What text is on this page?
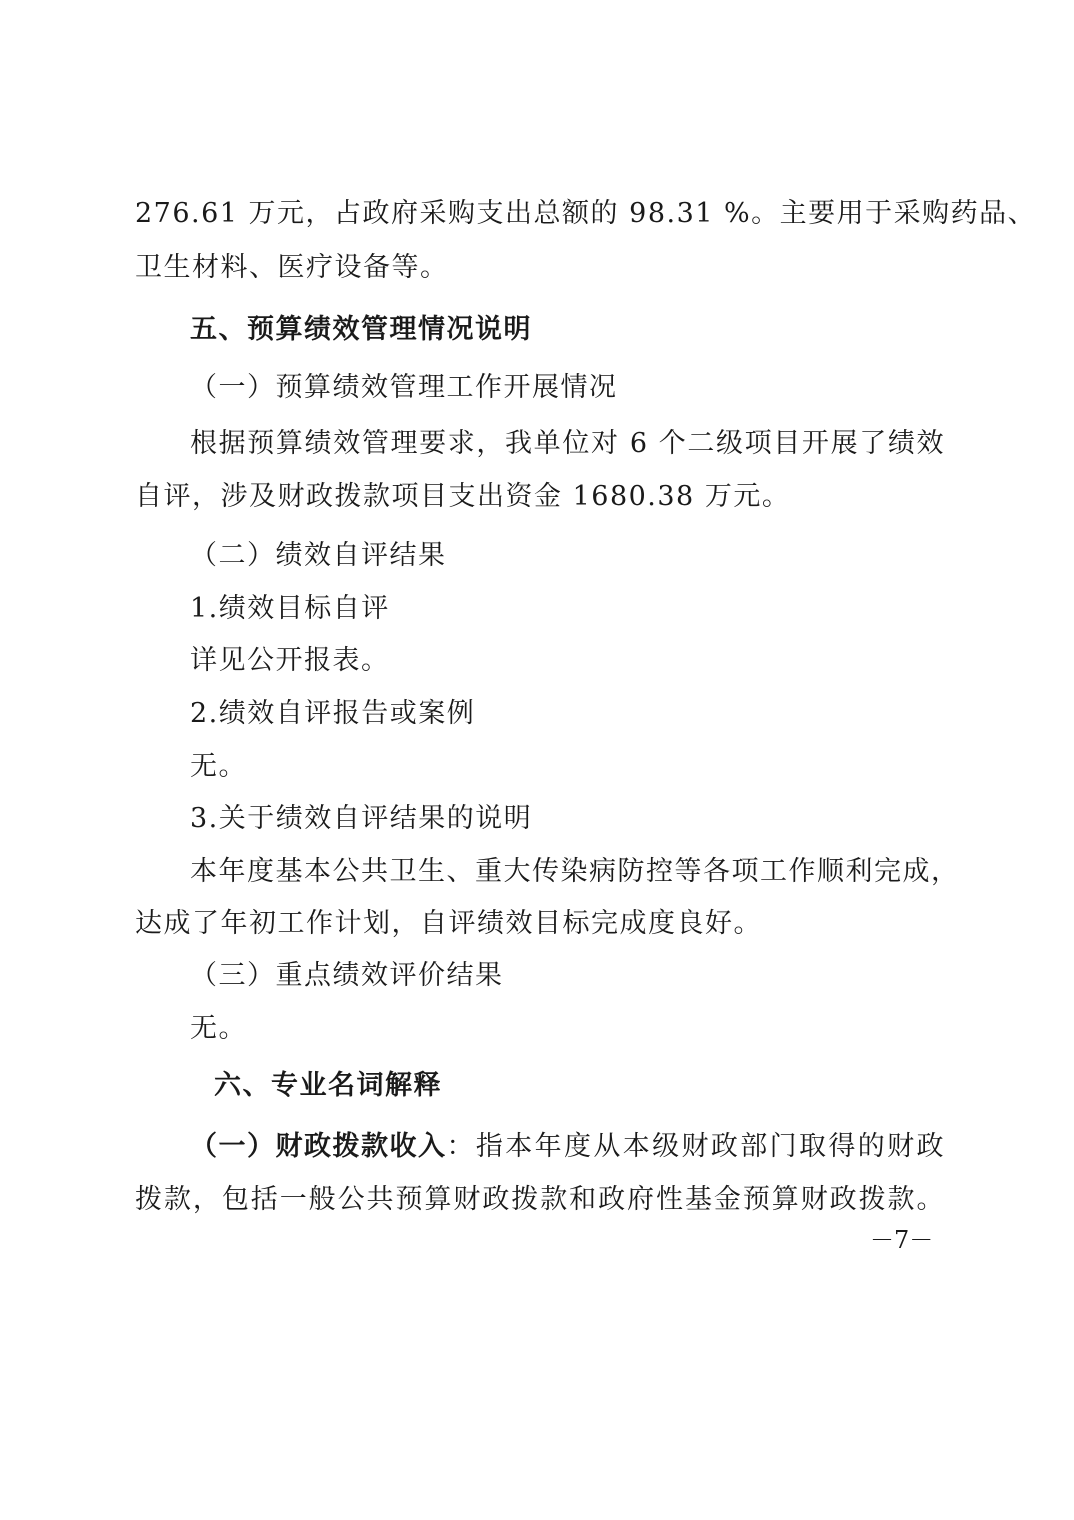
276.61 万元，占政府采购支出总额的 98.31 %。主要用于采购药品、
卫生材料、医疗设备等。
五、预算绩效管理情况说明
（一）预算绩效管理工作开展情况
根据预算绩效管理要求，我单位对 6 个二级项目开展了绩效
自评，涉及财政拨款项目支出资金 1680.38 万元。
（二）绩效自评结果
1.绩效目标自评
详见公开报表。
2.绩效自评报告或案例
无。
3.关于绩效自评结果的说明
本年度基本公共卫生、重大传染病防控等各项工作顺利完成，
达成了年初工作计划，自评绩效目标完成度良好。
（三）重点绩效评价结果
无。
六、专业名词解释
（一）财政拨款收入 ：指本年度从本级财政部门取得的财政
拨款，包括一般公共预算财政拨款和政府性基金预算财政拨款。
－7－
